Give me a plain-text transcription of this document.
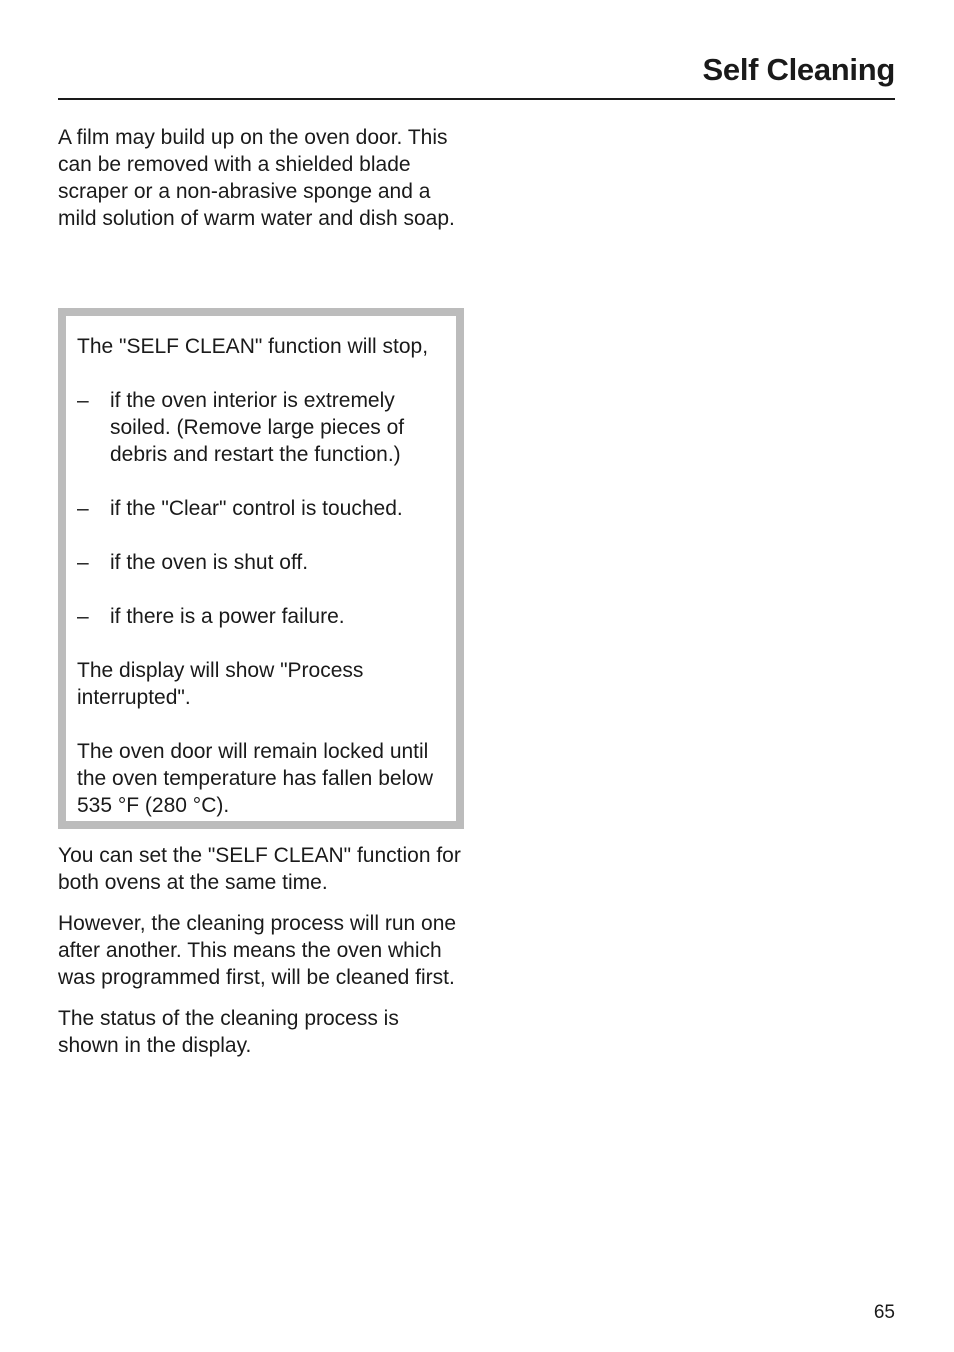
Self Cleaning

A film may build up on the oven door. This can be removed with a shielded blade scraper or a non-abrasive sponge and a mild solution of warm water and dish soap.

The "SELF CLEAN" function will stop,

– if the oven interior is extremely soiled. (Remove large pieces of debris and restart the function.)
– if the "Clear" control is touched.
– if the oven is shut off.
– if there is a power failure.

The display will show "Process interrupted".

The oven door will remain locked until the oven temperature has fallen below 535 °F (280 °C).

You can set the "SELF CLEAN" function for both ovens at the same time.

However, the cleaning process will run one after another. This means the oven which was programmed first, will be cleaned first.

The status of the cleaning process is shown in the display.

65
